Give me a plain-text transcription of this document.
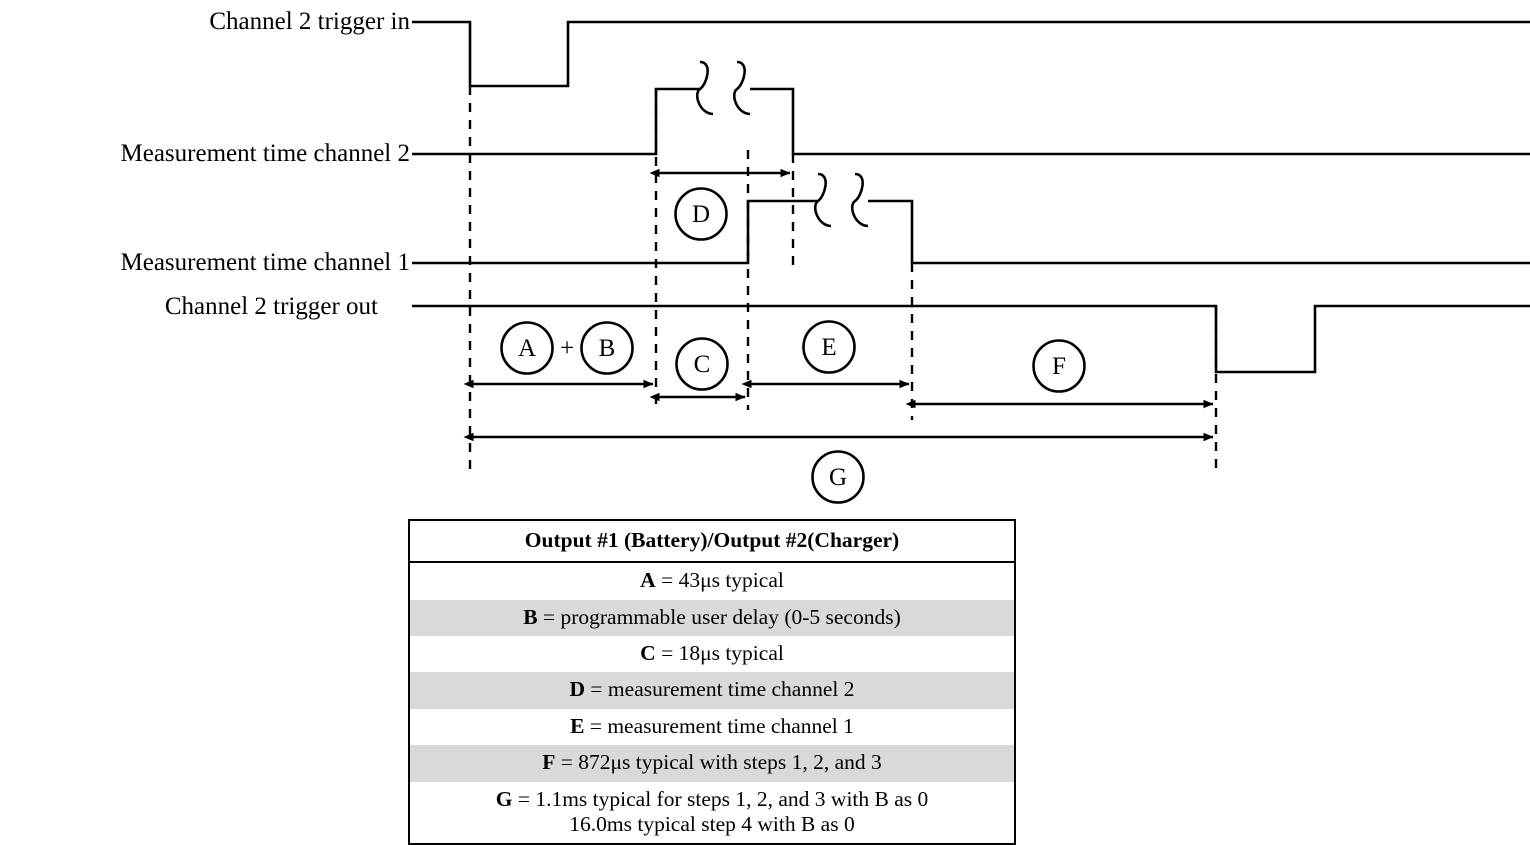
Channel 2 trigger in
Measurement time channel 2
Measurement time channel 1
Channel 2 trigger out
A + B
C
D
E
F
G
Output #1 (Battery)/Output #2(Charger)
A = 43μs typical
B = programmable user delay (0-5 seconds)
C = 18μs typical
D = measurement time channel 2
E = measurement time channel 1
F = 872μs typical with steps 1, 2, and 3
G = 1.1ms typical for steps 1, 2, and 3 with B as 0
16.0ms typical step 4 with B as 0
